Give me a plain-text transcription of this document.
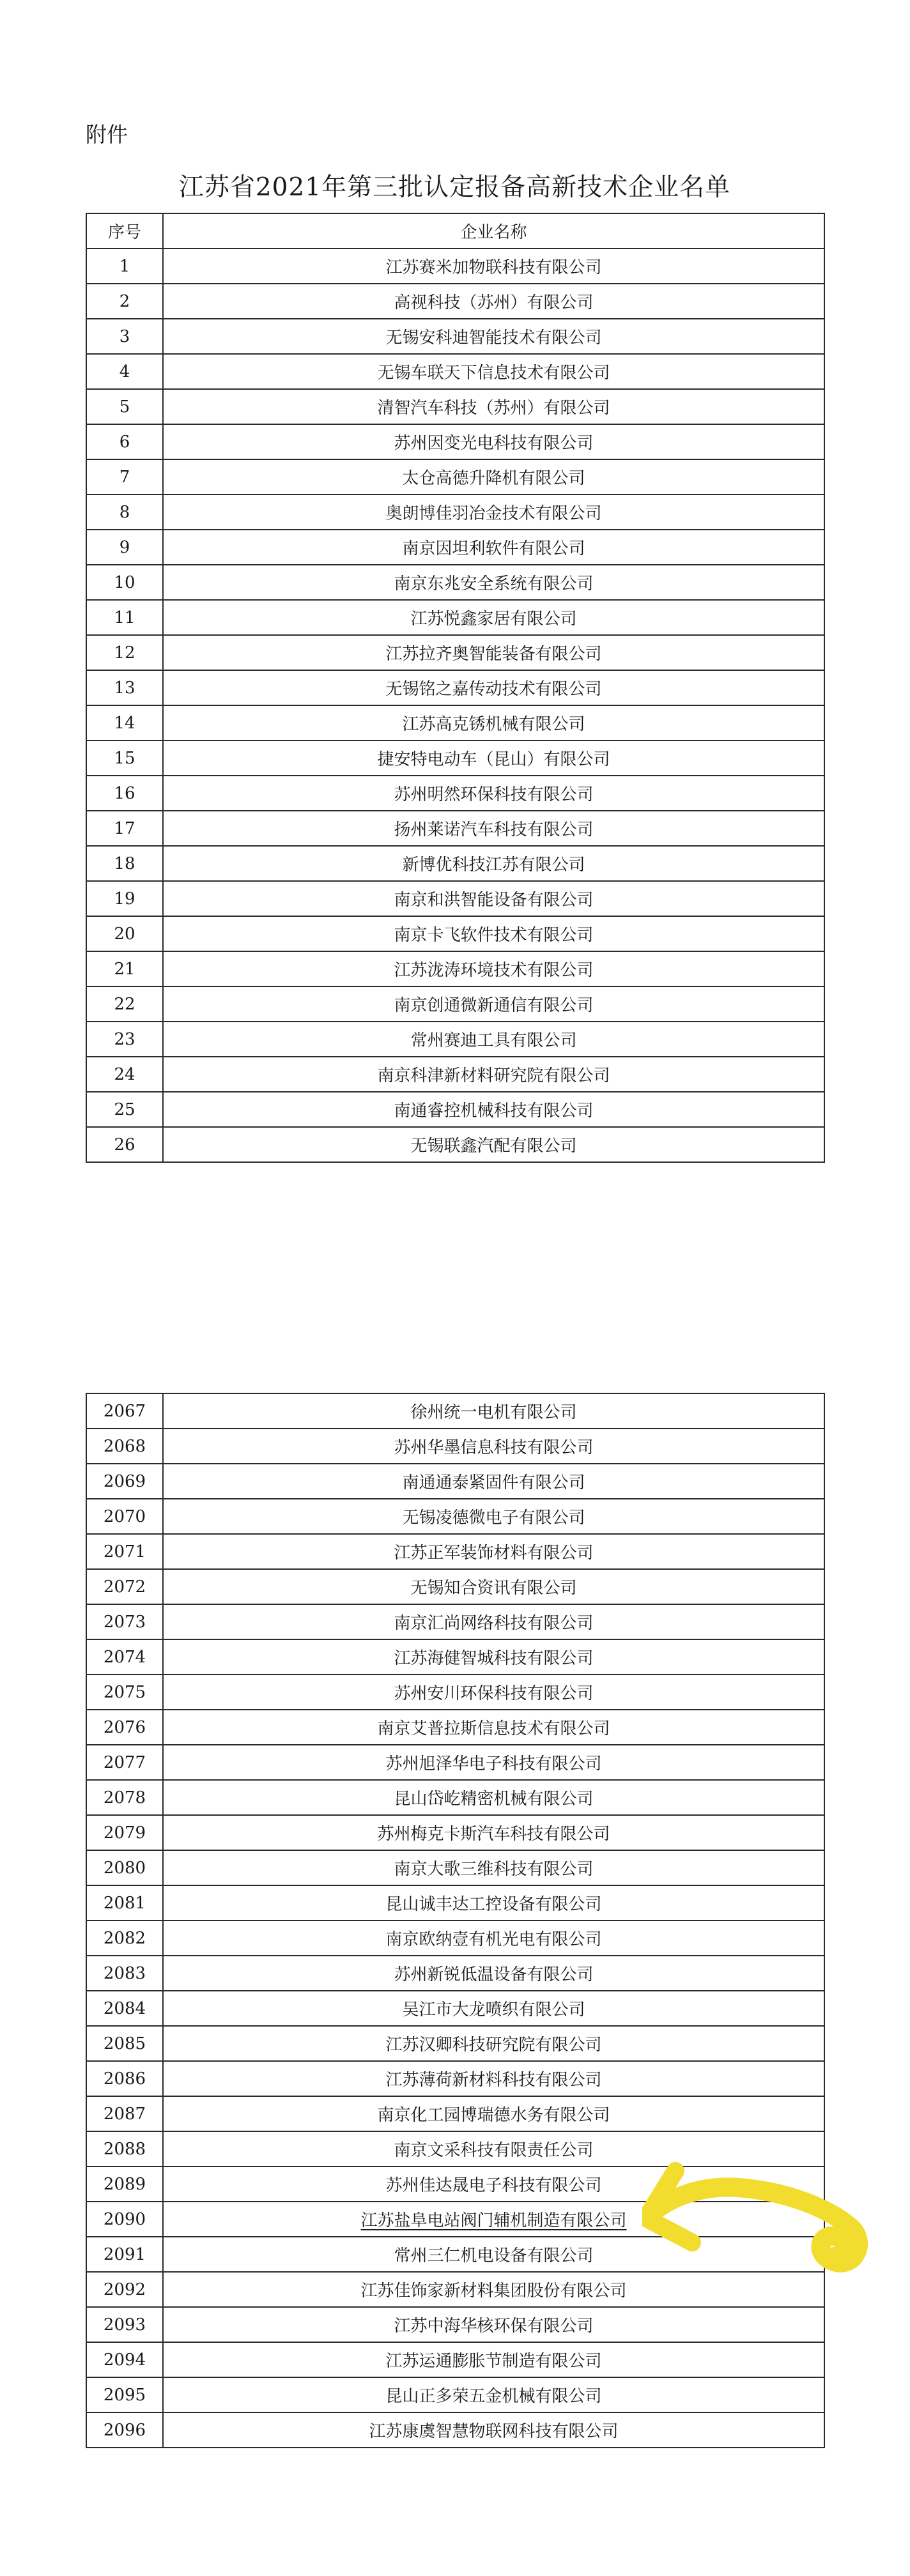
附件
江苏省2021年第三批认定报备高新技术企业名单
序号	企业名称
1	江苏赛米加物联科技有限公司
2	高视科技（苏州）有限公司
3	无锡安科迪智能技术有限公司
4	无锡车联天下信息技术有限公司
5	清智汽车科技（苏州）有限公司
6	苏州因变光电科技有限公司
7	太仓高德升降机有限公司
8	奥朗博佳羽冶金技术有限公司
9	南京因坦利软件有限公司
10	南京东兆安全系统有限公司
11	江苏悦鑫家居有限公司
12	江苏拉齐奥智能装备有限公司
13	无锡铭之嘉传动技术有限公司
14	江苏高克锈机械有限公司
15	捷安特电动车（昆山）有限公司
16	苏州明然环保科技有限公司
17	扬州莱诺汽车科技有限公司
18	新博优科技江苏有限公司
19	南京和洪智能设备有限公司
20	南京卡飞软件技术有限公司
21	江苏泷涛环境技术有限公司
22	南京创通微新通信有限公司
23	常州赛迪工具有限公司
24	南京科津新材料研究院有限公司
25	南通睿控机械科技有限公司
26	无锡联鑫汽配有限公司
2067	徐州统一电机有限公司
2068	苏州华墨信息科技有限公司
2069	南通通泰紧固件有限公司
2070	无锡凌德微电子有限公司
2071	江苏正军装饰材料有限公司
2072	无锡知合资讯有限公司
2073	南京汇尚网络科技有限公司
2074	江苏海健智城科技有限公司
2075	苏州安川环保科技有限公司
2076	南京艾普拉斯信息技术有限公司
2077	苏州旭泽华电子科技有限公司
2078	昆山岱屹精密机械有限公司
2079	苏州梅克卡斯汽车科技有限公司
2080	南京大歌三维科技有限公司
2081	昆山诚丰达工控设备有限公司
2082	南京欧纳壹有机光电有限公司
2083	苏州新锐低温设备有限公司
2084	吴江市大龙喷织有限公司
2085	江苏汉卿科技研究院有限公司
2086	江苏薄荷新材料科技有限公司
2087	南京化工园博瑞德水务有限公司
2088	南京文采科技有限责任公司
2089	苏州佳达晟电子科技有限公司
2090	江苏盐阜电站阀门辅机制造有限公司
2091	常州三仁机电设备有限公司
2092	江苏佳饰家新材料集团股份有限公司
2093	江苏中海华核环保有限公司
2094	江苏运通膨胀节制造有限公司
2095	昆山正多荣五金机械有限公司
2096	江苏康虞智慧物联网科技有限公司
